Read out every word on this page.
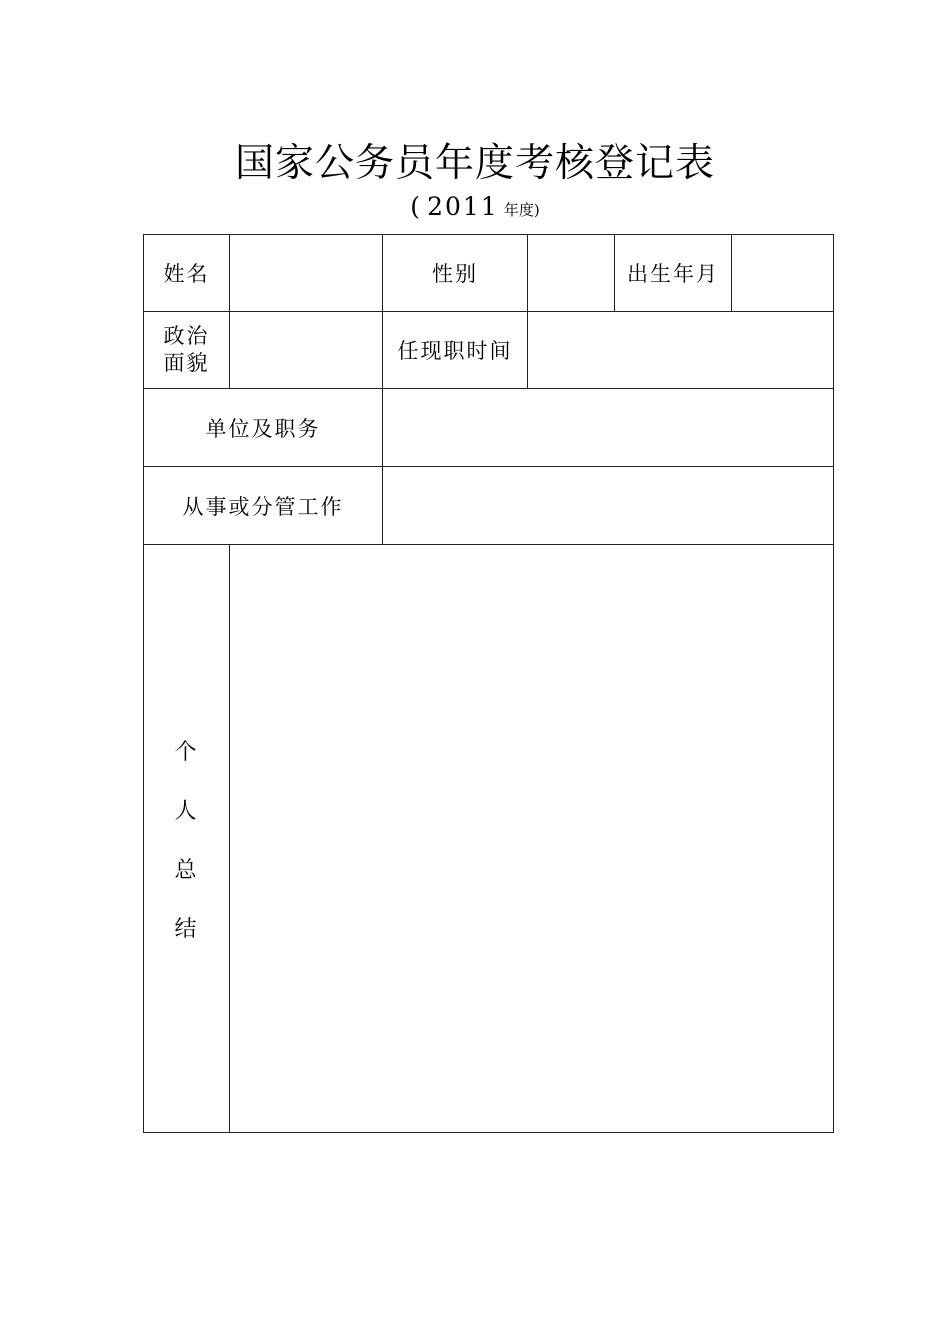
国家公务员年度考核登记表
( 2011 年度)
姓名	性别	出生年月
政治
面貌	任现职时间
单位及职务
从事或分管工作
个
人
总
结
